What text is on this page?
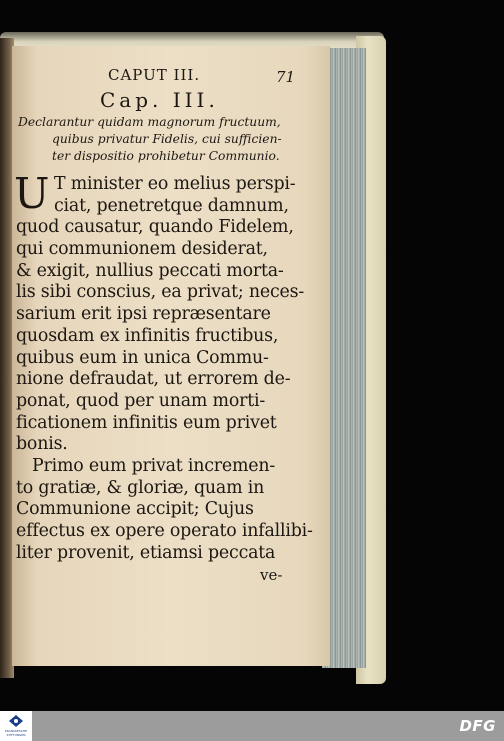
CAPUT III.	71
Cap. III.
Declarantur quidam magnorum fructuum,
quibus privatur Fidelis, cui sufficien-
ter dispositio prohibetur Communio.
U T minister eo melius perspi-
ciat, penetretque damnum,
quod causatur, quando Fidelem,
qui communionem desiderat,
& exigit, nullius peccati morta-
lis sibi conscius, ea privat; neces-
sarium erit ipsi repræsentare
quosdam ex infinitis fructibus,
quibus eum in unica Commu-
nione defraudat, ut errorem de-
ponat, quod per unam morti-
ficationem infinitis eum privet
bonis.
Primo eum privat incremen-
to gratiæ, & gloriæ, quam in
Communione accipit; Cujus
effectus ex opere operato infallibi-
liter provenit, etiamsi peccata
ve-
FRANCKESCHE STIFTUNGEN	DFG
